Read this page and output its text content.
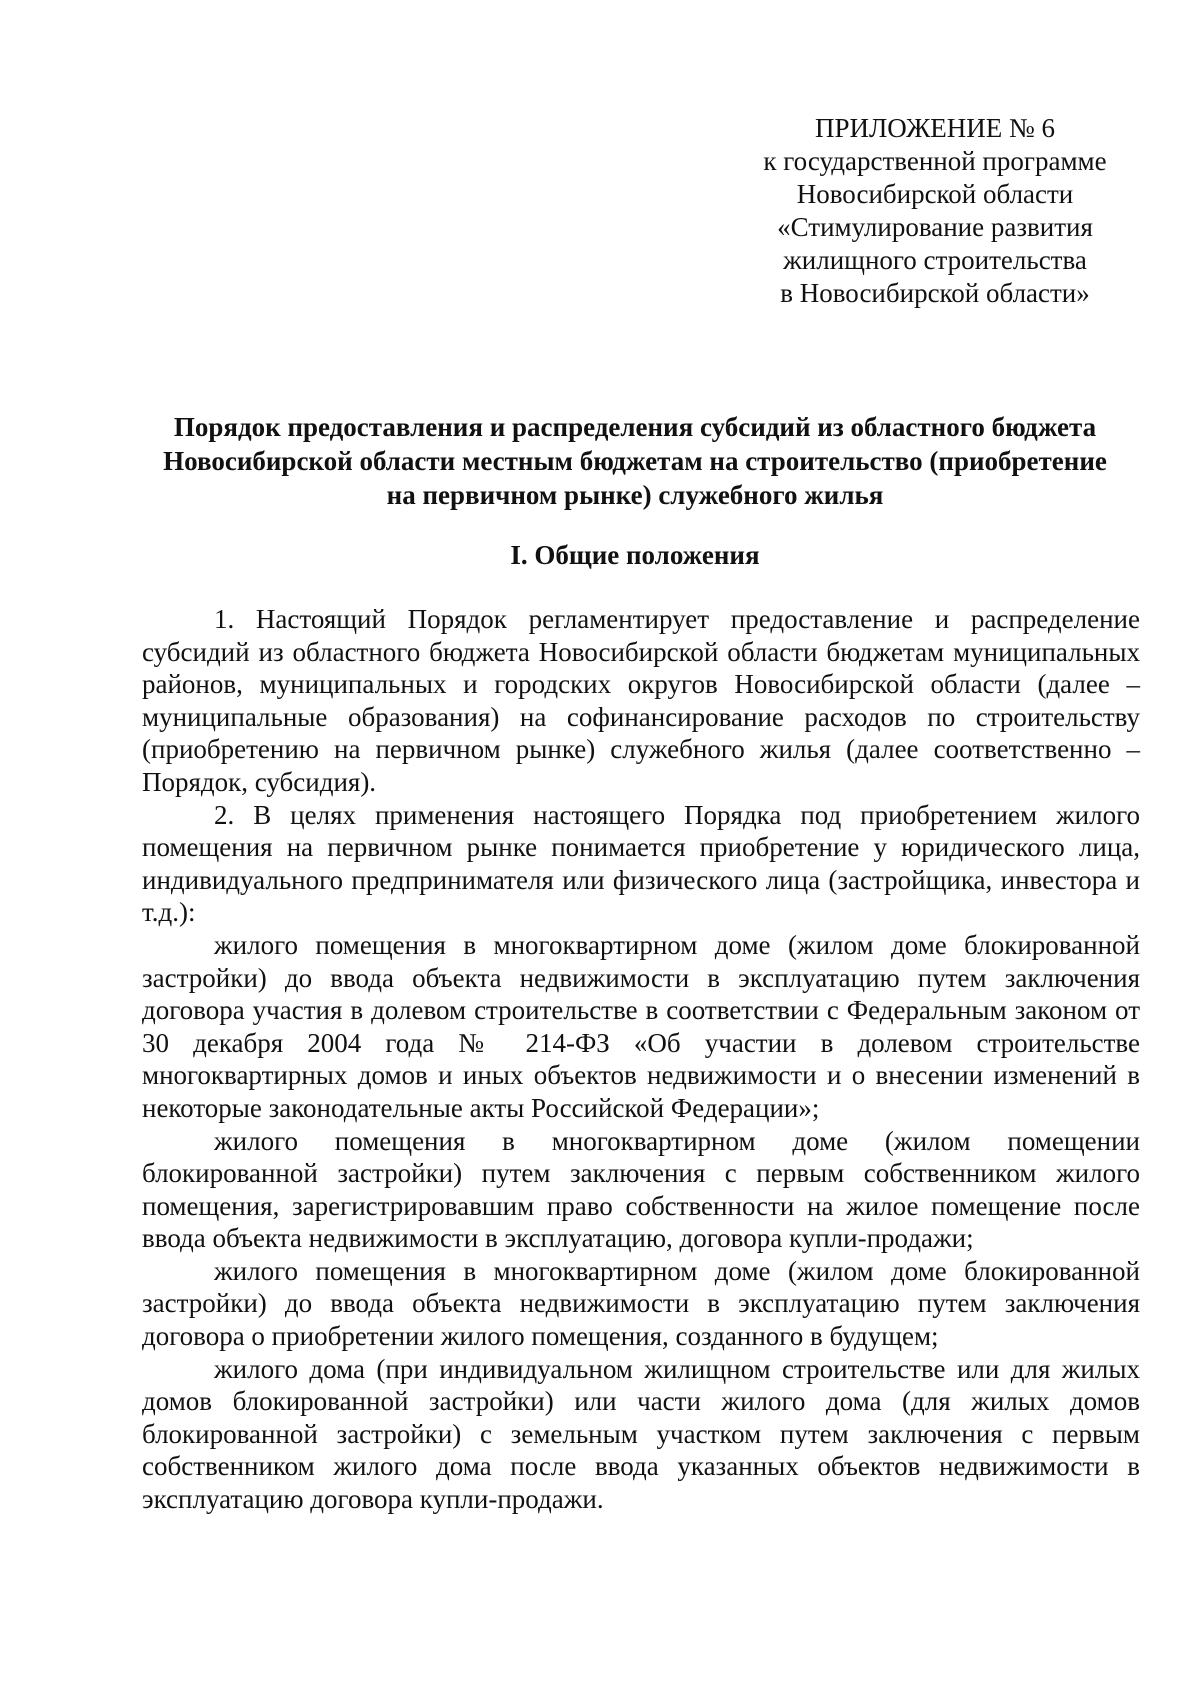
ПРИЛОЖЕНИЕ № 6
к государственной программе
Новосибирской области
«Стимулирование развития
жилищного строительства
в Новосибирской области»
Порядок предоставления и распределения субсидий из областного бюджета
Новосибирской области местным бюджетам на строительство (приобретение
на первичном рынке) служебного жилья
I. Общие положения

1. Настоящий Порядок регламентирует предоставление и распределение субсидий из областного бюджета Новосибирской области бюджетам муниципальных районов, муниципальных и городских округов Новосибирской области (далее – муниципальные образования) на софинансирование расходов по строительству (приобретению на первичном рынке) служебного жилья (далее соответственно – Порядок, субсидия).

2. В целях применения настоящего Порядка под приобретением жилого помещения на первичном рынке понимается приобретение у юридического лица, индивидуального предпринимателя или физического лица (застройщика, инвестора и т.д.):

жилого помещения в многоквартирном доме (жилом доме блокированной застройки) до ввода объекта недвижимости в эксплуатацию путем заключения договора участия в долевом строительстве в соответствии с Федеральным законом от 30 декабря 2004 года № 214-ФЗ «Об участии в долевом строительстве многоквартирных домов и иных объектов недвижимости и о внесении изменений в некоторые законодательные акты Российской Федерации»;

жилого помещения в многоквартирном доме (жилом помещении блокированной застройки) путем заключения с первым собственником жилого помещения, зарегистрировавшим право собственности на жилое помещение после ввода объекта недвижимости в эксплуатацию, договора купли-продажи;

жилого помещения в многоквартирном доме (жилом доме блокированной застройки) до ввода объекта недвижимости в эксплуатацию путем заключения договора о приобретении жилого помещения, созданного в будущем;

жилого дома (при индивидуальном жилищном строительстве или для жилых домов блокированной застройки) или части жилого дома (для жилых домов блокированной застройки) с земельным участком путем заключения с первым собственником жилого дома после ввода указанных объектов недвижимости в эксплуатацию договора купли-продажи.
